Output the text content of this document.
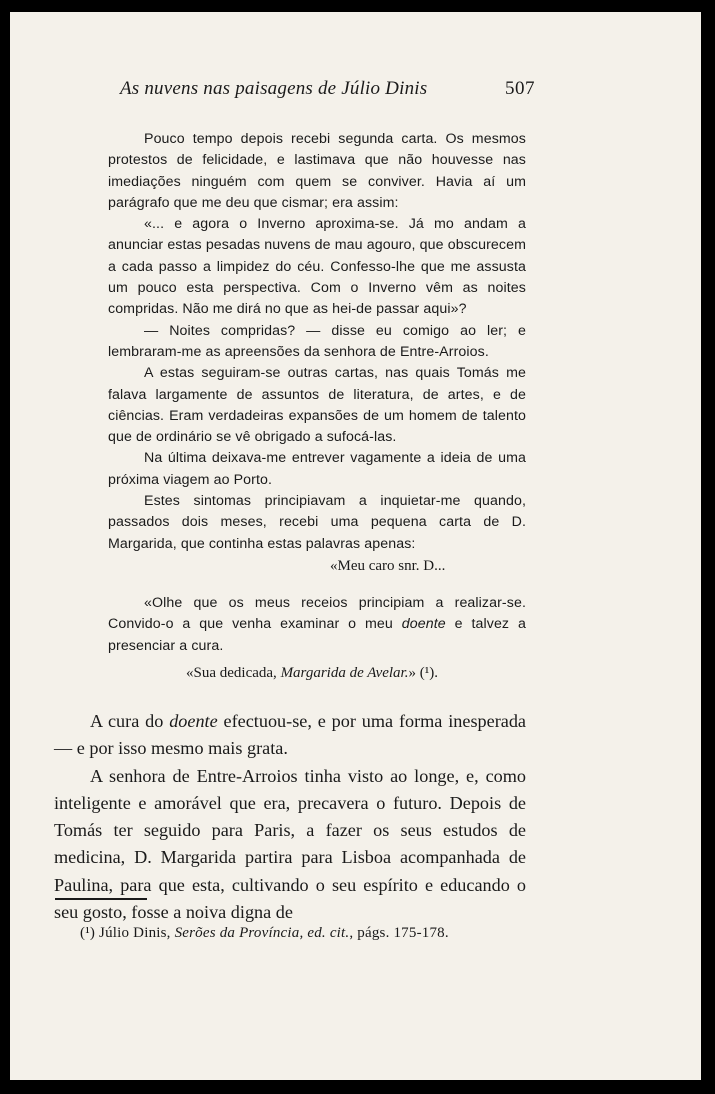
As nuvens nas paisagens de Júlio Dinis	507

Pouco tempo depois recebi segunda carta. Os mesmos protestos de felicidade, e lastimava que não houvesse nas imediações ninguém com quem se conviver. Havia aí um parágrafo que me deu que cismar; era assim:

«... e agora o Inverno aproxima-se. Já mo andam a anunciar estas pesadas nuvens de mau agouro, que obscurecem a cada passo a limpidez do céu. Confesso-lhe que me assusta um pouco esta perspectiva. Com o Inverno vêm as noites compridas. Não me dirá no que as hei-de passar aqui»?

— Noites compridas? — disse eu comigo ao ler; e lembraram-me as apreensões da senhora de Entre-Arroios.

A estas seguiram-se outras cartas, nas quais Tomás me falava largamente de assuntos de literatura, de artes, e de ciências. Eram verdadeiras expansões de um homem de talento que de ordinário se vê obrigado a sufocá-las.

Na última deixava-me entrever vagamente a ideia de uma próxima viagem ao Porto.

Estes sintomas principiavam a inquietar-me quando, passados dois meses, recebi uma pequena carta de D. Margarida, que continha estas palavras apenas:

«Meu caro snr. D...

«Olhe que os meus receios principiam a realizar-se. Convido-o a que venha examinar o meu doente e talvez a presenciar a cura.

«Sua dedicada, Margarida de Avelar.» (¹).

A cura do doente efectuou-se, e por uma forma inesperada — e por isso mesmo mais grata.

A senhora de Entre-Arroios tinha visto ao longe, e, como inteligente e amorável que era, precavera o futuro. Depois de Tomás ter seguido para Paris, a fazer os seus estudos de medicina, D. Margarida partira para Lisboa acompanhada de Paulina, para que esta, cultivando o seu espírito e educando o seu gosto, fosse a noiva digna de

(¹) Júlio Dinis, Serões da Província, ed. cit., págs. 175-178.
